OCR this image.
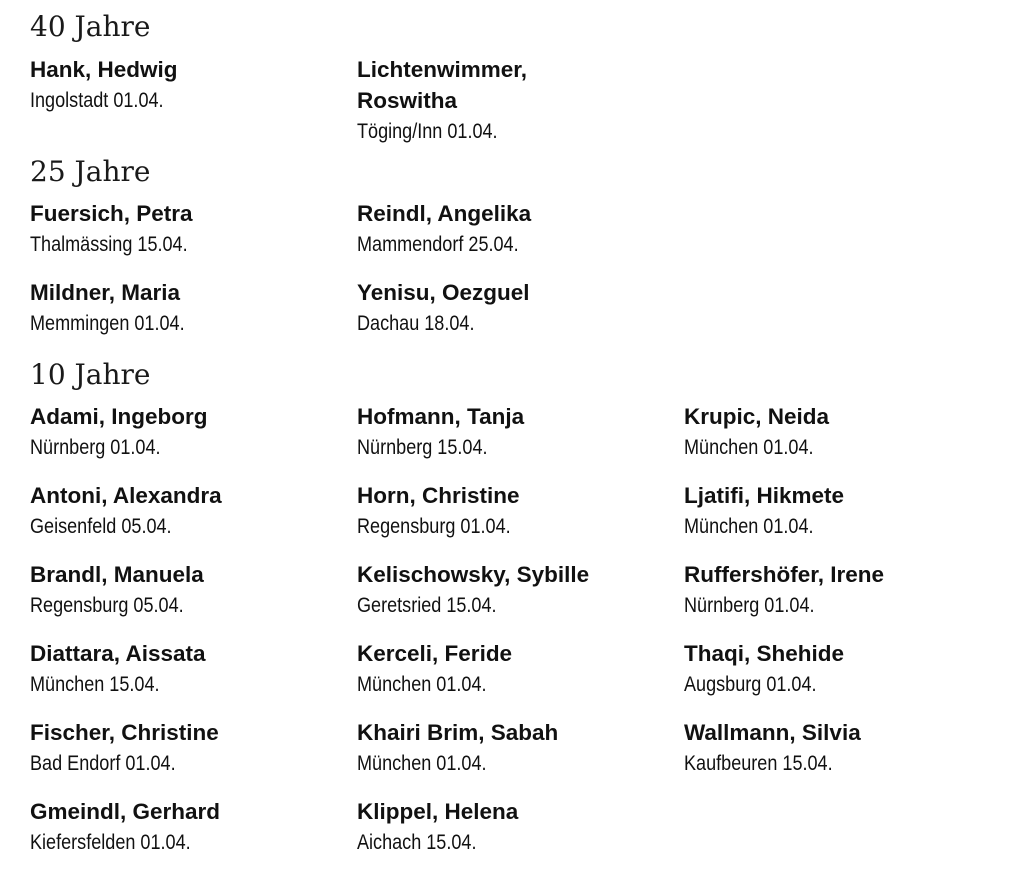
40 Jahre
Hank, Hedwig
Ingolstadt 01.04.
Lichtenwimmer,
Roswitha
Töging/Inn 01.04.
25 Jahre
Fuersich, Petra
Thalmässing 15.04.
Reindl, Angelika
Mammendorf 25.04.
Mildner, Maria
Memmingen 01.04.
Yenisu, Oezguel
Dachau 18.04.
10 Jahre
Adami, Ingeborg
Nürnberg 01.04.
Antoni, Alexandra
Geisenfeld 05.04.
Brandl, Manuela
Regensburg 05.04.
Diattara, Aissata
München 15.04.
Fischer, Christine
Bad Endorf 01.04.
Gmeindl, Gerhard
Kiefersfelden 01.04.
Hofmann, Tanja
Nürnberg 15.04.
Horn, Christine
Regensburg 01.04.
Kelischowsky, Sybille
Geretsried 15.04.
Kerceli, Feride
München 01.04.
Khairi Brim, Sabah
München 01.04.
Klippel, Helena
Aichach 15.04.
Krupic, Neida
München 01.04.
Ljatifi, Hikmete
München 01.04.
Ruffershöfer, Irene
Nürnberg 01.04.
Thaqi, Shehide
Augsburg 01.04.
Wallmann, Silvia
Kaufbeuren 15.04.
